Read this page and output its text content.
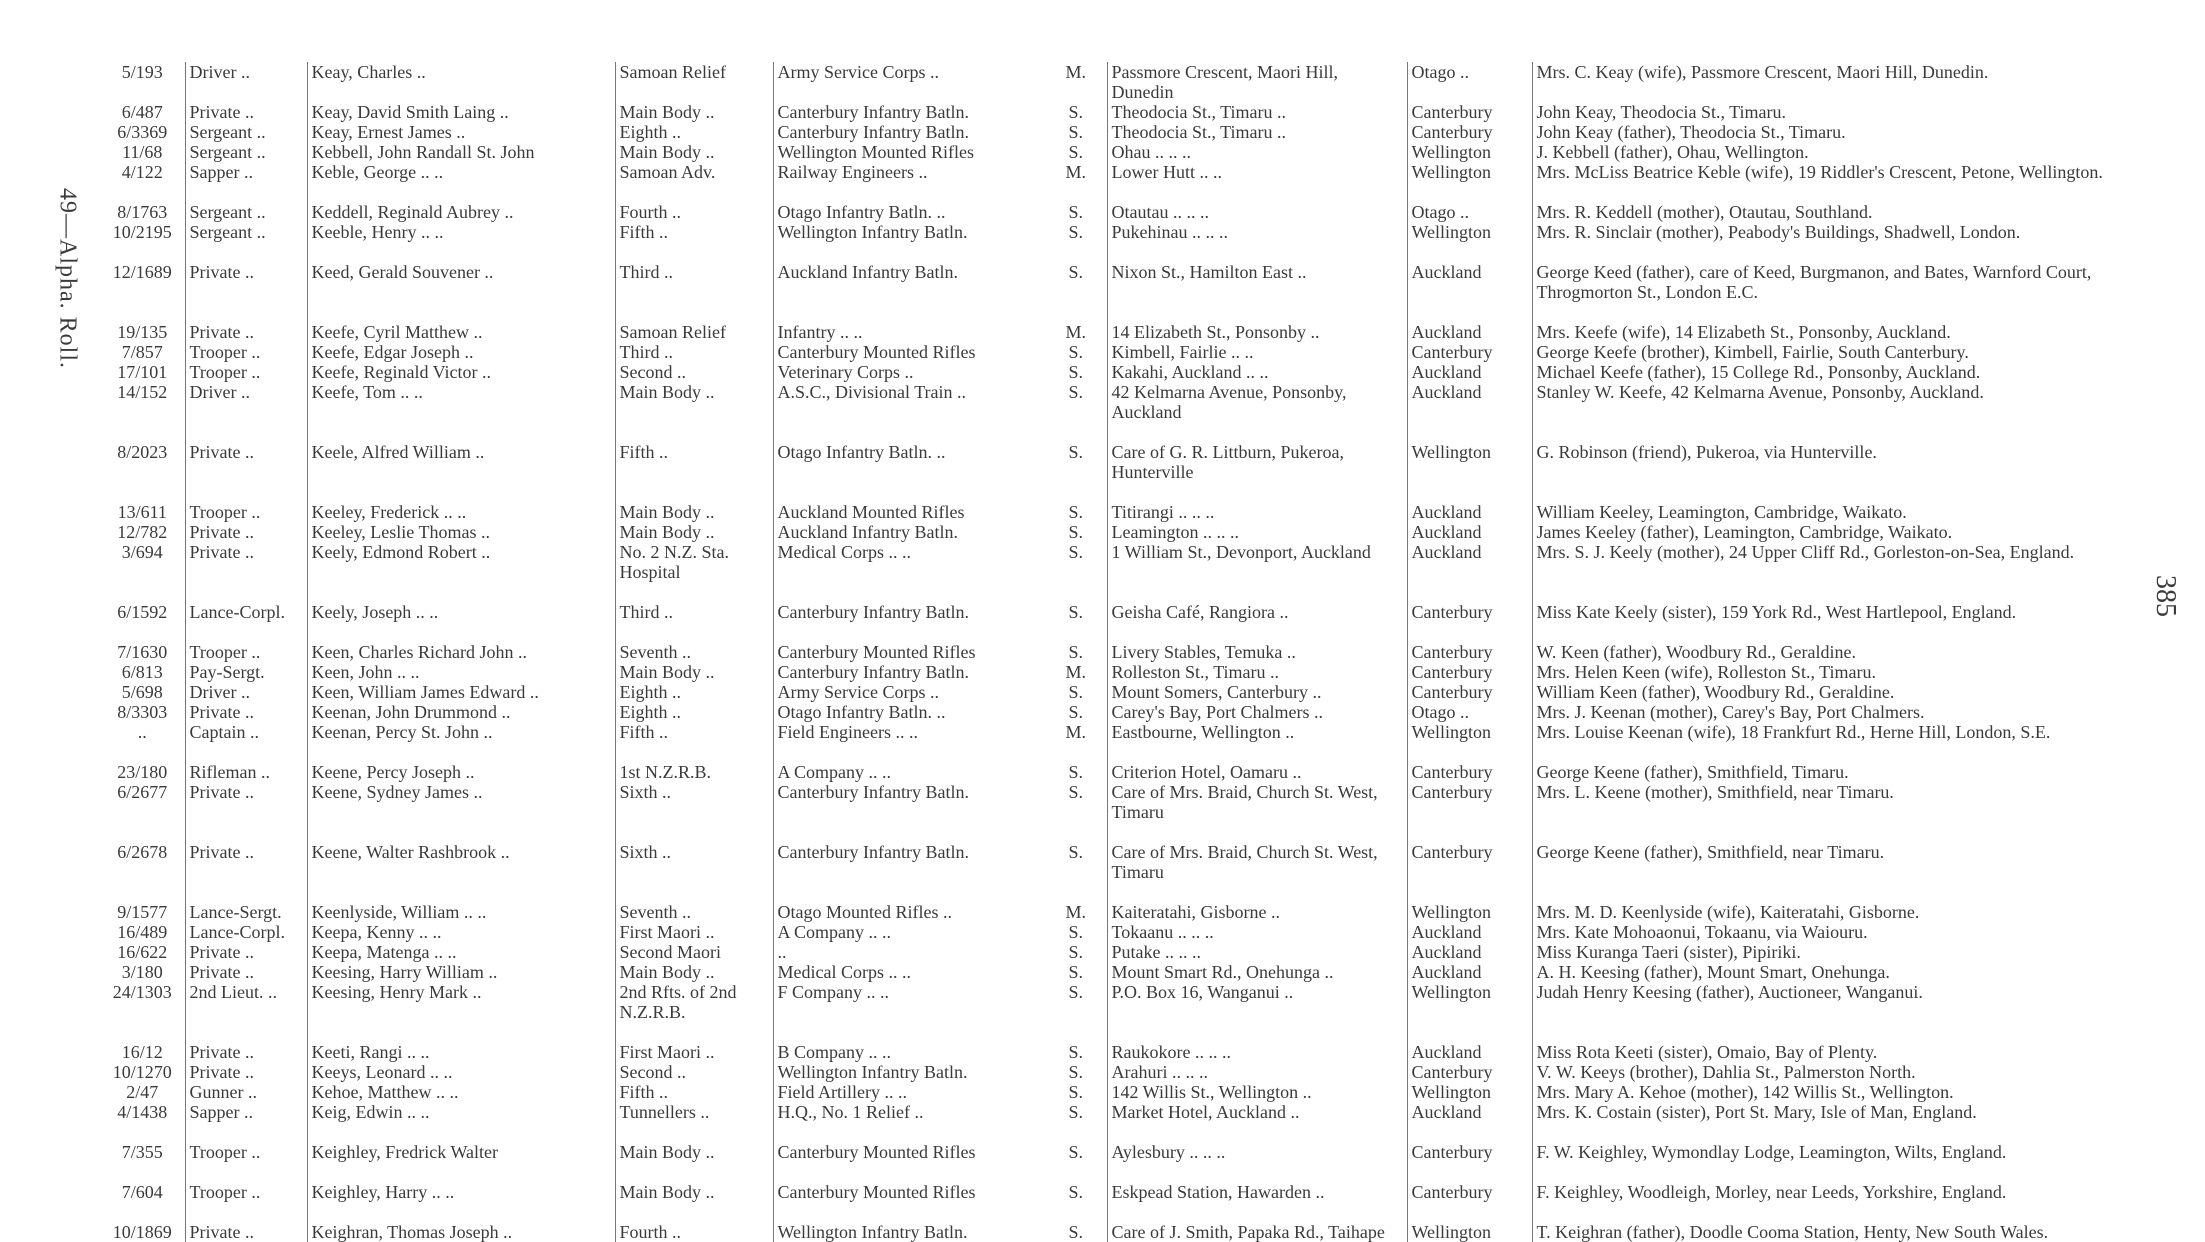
49—Alpha. Roll.
385
5/193	Driver ..	Keay, Charles ..	Samoan Relief	Army Service Corps ..	M.	Passmore Crescent, Maori Hill, Dunedin	Otago ..	Mrs. C. Keay (wife), Passmore Crescent, Maori Hill, Dunedin.
6/487	Private ..	Keay, David Smith Laing ..	Main Body ..	Canterbury Infantry Batln.	S.	Theodocia St., Timaru ..	Canterbury	John Keay, Theodocia St., Timaru.
6/3369	Sergeant ..	Keay, Ernest James ..	Eighth ..	Canterbury Infantry Batln.	S.	Theodocia St., Timaru ..	Canterbury	John Keay (father), Theodocia St., Timaru.
11/68	Sergeant ..	Kebbell, John Randall St. John	Main Body ..	Wellington Mounted Rifles	S.	Ohau .. .. ..	Wellington	J. Kebbell (father), Ohau, Wellington.
4/122	Sapper ..	Keble, George .. ..	Samoan Adv.	Railway Engineers ..	M.	Lower Hutt .. ..	Wellington	Mrs. McLiss Beatrice Keble (wife), 19 Riddler's Crescent, Petone, Wellington.
8/1763	Sergeant ..	Keddell, Reginald Aubrey ..	Fourth ..	Otago Infantry Batln. ..	S.	Otautau .. .. ..	Otago ..	Mrs. R. Keddell (mother), Otautau, Southland.
10/2195	Sergeant ..	Keeble, Henry .. ..	Fifth ..	Wellington Infantry Batln.	S.	Pukehinau .. .. ..	Wellington	Mrs. R. Sinclair (mother), Peabody's Buildings, Shadwell, London.
12/1689	Private ..	Keed, Gerald Souvener ..	Third ..	Auckland Infantry Batln.	S.	Nixon St., Hamilton East ..	Auckland	George Keed (father), care of Keed, Burgmanon, and Bates, Warnford Court, Throgmorton St., London E.C.
19/135	Private ..	Keefe, Cyril Matthew ..	Samoan Relief	Infantry .. ..	M.	14 Elizabeth St., Ponsonby ..	Auckland	Mrs. Keefe (wife), 14 Elizabeth St., Ponsonby, Auckland.
7/857	Trooper ..	Keefe, Edgar Joseph ..	Third ..	Canterbury Mounted Rifles	S.	Kimbell, Fairlie .. ..	Canterbury	George Keefe (brother), Kimbell, Fairlie, South Canterbury.
17/101	Trooper ..	Keefe, Reginald Victor ..	Second ..	Veterinary Corps ..	S.	Kakahi, Auckland .. ..	Auckland	Michael Keefe (father), 15 College Rd., Ponsonby, Auckland.
14/152	Driver ..	Keefe, Tom .. ..	Main Body ..	A.S.C., Divisional Train ..	S.	42 Kelmarna Avenue, Ponsonby, Auckland	Auckland	Stanley W. Keefe, 42 Kelmarna Avenue, Ponsonby, Auckland.
8/2023	Private ..	Keele, Alfred William ..	Fifth ..	Otago Infantry Batln. ..	S.	Care of G. R. Littburn, Pukeroa, Hunterville	Wellington	G. Robinson (friend), Pukeroa, via Hunterville.
13/611	Trooper ..	Keeley, Frederick .. ..	Main Body ..	Auckland Mounted Rifles	S.	Titirangi .. .. ..	Auckland	William Keeley, Leamington, Cambridge, Waikato.
12/782	Private ..	Keeley, Leslie Thomas ..	Main Body ..	Auckland Infantry Batln.	S.	Leamington .. .. ..	Auckland	James Keeley (father), Leamington, Cambridge, Waikato.
3/694	Private ..	Keely, Edmond Robert ..	No. 2 N.Z. Sta. Hospital	Medical Corps .. ..	S.	1 William St., Devonport, Auckland	Auckland	Mrs. S. J. Keely (mother), 24 Upper Cliff Rd., Gorleston-on-Sea, England.
6/1592	Lance-Corpl.	Keely, Joseph .. ..	Third ..	Canterbury Infantry Batln.	S.	Geisha Café, Rangiora ..	Canterbury	Miss Kate Keely (sister), 159 York Rd., West Hartlepool, England.
7/1630	Trooper ..	Keen, Charles Richard John ..	Seventh ..	Canterbury Mounted Rifles	S.	Livery Stables, Temuka ..	Canterbury	W. Keen (father), Woodbury Rd., Geraldine.
6/813	Pay-Sergt.	Keen, John .. ..	Main Body ..	Canterbury Infantry Batln.	M.	Rolleston St., Timaru ..	Canterbury	Mrs. Helen Keen (wife), Rolleston St., Timaru.
5/698	Driver ..	Keen, William James Edward ..	Eighth ..	Army Service Corps ..	S.	Mount Somers, Canterbury ..	Canterbury	William Keen (father), Woodbury Rd., Geraldine.
8/3303	Private ..	Keenan, John Drummond ..	Eighth ..	Otago Infantry Batln. ..	S.	Carey's Bay, Port Chalmers ..	Otago ..	Mrs. J. Keenan (mother), Carey's Bay, Port Chalmers.
..	Captain ..	Keenan, Percy St. John ..	Fifth ..	Field Engineers .. ..	M.	Eastbourne, Wellington ..	Wellington	Mrs. Louise Keenan (wife), 18 Frankfurt Rd., Herne Hill, London, S.E.
23/180	Rifleman ..	Keene, Percy Joseph ..	1st N.Z.R.B.	A Company .. ..	S.	Criterion Hotel, Oamaru ..	Canterbury	George Keene (father), Smithfield, Timaru.
6/2677	Private ..	Keene, Sydney James ..	Sixth ..	Canterbury Infantry Batln.	S.	Care of Mrs. Braid, Church St. West, Timaru	Canterbury	Mrs. L. Keene (mother), Smithfield, near Timaru.
6/2678	Private ..	Keene, Walter Rashbrook ..	Sixth ..	Canterbury Infantry Batln.	S.	Care of Mrs. Braid, Church St. West, Timaru	Canterbury	George Keene (father), Smithfield, near Timaru.
9/1577	Lance-Sergt.	Keenlyside, William .. ..	Seventh ..	Otago Mounted Rifles ..	M.	Kaiteratahi, Gisborne ..	Wellington	Mrs. M. D. Keenlyside (wife), Kaiteratahi, Gisborne.
16/489	Lance-Corpl.	Keepa, Kenny .. ..	First Maori ..	A Company .. ..	S.	Tokaanu .. .. ..	Auckland	Mrs. Kate Mohoaonui, Tokaanu, via Waiouru.
16/622	Private ..	Keepa, Matenga .. ..	Second Maori	..	S.	Putake .. .. ..	Auckland	Miss Kuranga Taeri (sister), Pipiriki.
3/180	Private ..	Keesing, Harry William ..	Main Body ..	Medical Corps .. ..	S.	Mount Smart Rd., Onehunga ..	Auckland	A. H. Keesing (father), Mount Smart, Onehunga.
24/1303	2nd Lieut. ..	Keesing, Henry Mark ..	2nd Rfts. of 2nd N.Z.R.B.	F Company .. ..	S.	P.O. Box 16, Wanganui ..	Wellington	Judah Henry Keesing (father), Auctioneer, Wanganui.
16/12	Private ..	Keeti, Rangi .. ..	First Maori ..	B Company .. ..	S.	Raukokore .. .. ..	Auckland	Miss Rota Keeti (sister), Omaio, Bay of Plenty.
10/1270	Private ..	Keeys, Leonard .. ..	Second ..	Wellington Infantry Batln.	S.	Arahuri .. .. ..	Canterbury	V. W. Keeys (brother), Dahlia St., Palmerston North.
2/47	Gunner ..	Kehoe, Matthew .. ..	Fifth ..	Field Artillery .. ..	S.	142 Willis St., Wellington ..	Wellington	Mrs. Mary A. Kehoe (mother), 142 Willis St., Wellington.
4/1438	Sapper ..	Keig, Edwin .. ..	Tunnellers ..	H.Q., No. 1 Relief ..	S.	Market Hotel, Auckland ..	Auckland	Mrs. K. Costain (sister), Port St. Mary, Isle of Man, England.
7/355	Trooper ..	Keighley, Fredrick Walter	Main Body ..	Canterbury Mounted Rifles	S.	Aylesbury .. .. ..	Canterbury	F. W. Keighley, Wymondlay Lodge, Leamington, Wilts, England.
7/604	Trooper ..	Keighley, Harry .. ..	Main Body ..	Canterbury Mounted Rifles	S.	Eskpead Station, Hawarden ..	Canterbury	F. Keighley, Woodleigh, Morley, near Leeds, Yorkshire, England.
10/1869	Private ..	Keighran, Thomas Joseph ..	Fourth ..	Wellington Infantry Batln.	S.	Care of J. Smith, Papaka Rd., Taihape	Wellington	T. Keighran (father), Doodle Cooma Station, Henty, New South Wales.
